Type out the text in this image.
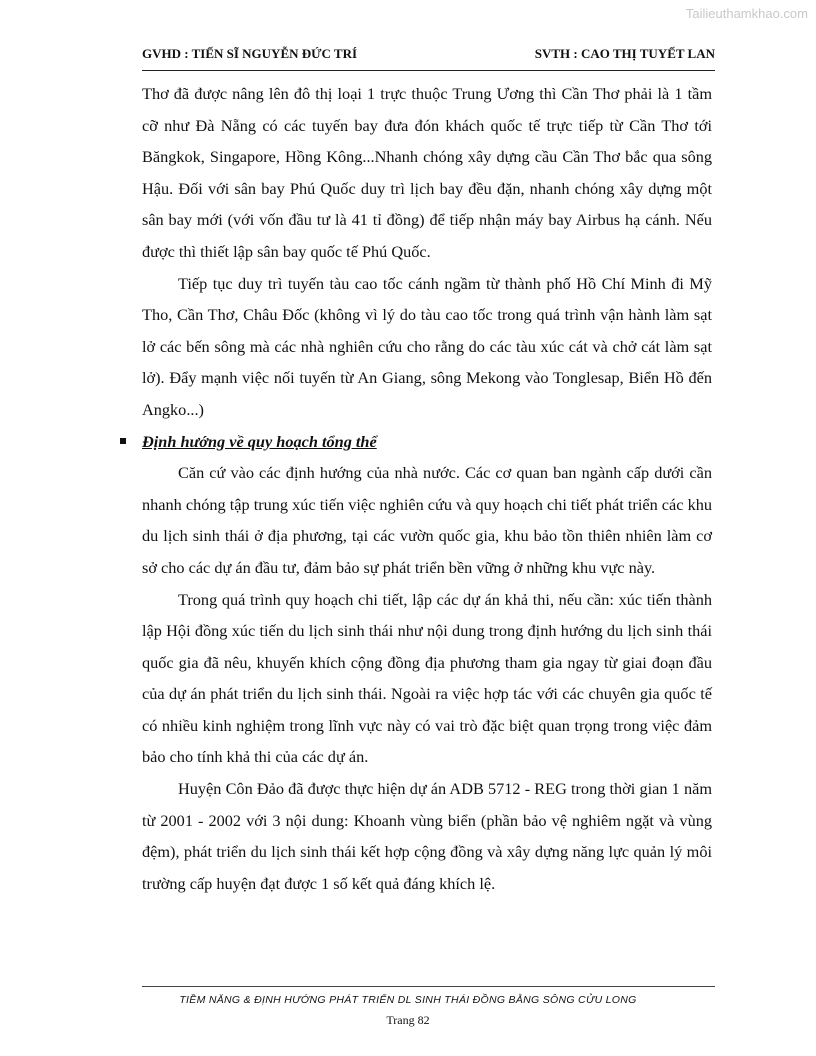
Tailieuthamkhao.com
GVHD : TIẾN SĨ NGUYỄN ĐỨC TRÍ	SVTH : CAO THỊ TUYẾT LAN

Thơ đã được nâng lên đô thị loại 1 trực thuộc Trung Ương thì Cần Thơ phải là 1 tầm cỡ như Đà Nẵng có các tuyến bay đưa đón khách quốc tế trực tiếp từ Cần Thơ tới Băngkok, Singapore, Hồng Kông...Nhanh chóng xây dựng cầu Cần Thơ bắc qua sông Hậu. Đối với sân bay Phú Quốc duy trì lịch bay đều đặn, nhanh chóng xây dựng một sân bay mới (với vốn đầu tư là 41 tỉ đồng) để tiếp nhận máy bay Airbus hạ cánh. Nếu được thì thiết lập sân bay quốc tế Phú Quốc.

Tiếp tục duy trì tuyến tàu cao tốc cánh ngầm từ thành phố Hồ Chí Minh đi Mỹ Tho, Cần Thơ, Châu Đốc (không vì lý do tàu cao tốc trong quá trình vận hành làm sạt lở các bến sông mà các nhà nghiên cứu cho rằng do các tàu xúc cát và chở cát làm sạt lở). Đẩy mạnh việc nối tuyến từ An Giang, sông Mekong vào Tonglesap, Biển Hồ đến Angko...)

Định hướng về quy hoạch tổng thể

Căn cứ vào các định hướng của nhà nước. Các cơ quan ban ngành cấp dưới cần nhanh chóng tập trung xúc tiến việc nghiên cứu và quy hoạch chi tiết phát triển các khu du lịch sinh thái ở địa phương, tại các vườn quốc gia, khu bảo tồn thiên nhiên làm cơ sở cho các dự án đầu tư, đảm bảo sự phát triển bền vững ở những khu vực này.

Trong quá trình quy hoạch chi tiết, lập các dự án khả thi, nếu cần: xúc tiến thành lập Hội đồng xúc tiến du lịch sinh thái như nội dung trong định hướng du lịch sinh thái quốc gia đã nêu, khuyến khích cộng đồng địa phương tham gia ngay từ giai đoạn đầu của dự án phát triển du lịch sinh thái. Ngoài ra việc hợp tác với các chuyên gia quốc tế có nhiều kinh nghiệm trong lĩnh vực này có vai trò đặc biệt quan trọng trong việc đảm bảo cho tính khả thi của các dự án.

Huyện Côn Đảo đã được thực hiện dự án ADB 5712 - REG trong thời gian 1 năm từ 2001 - 2002 với 3 nội dung: Khoanh vùng biển (phần bảo vệ nghiêm ngặt và vùng đệm), phát triển du lịch sinh thái kết hợp cộng đồng và xây dựng năng lực quản lý môi trường cấp huyện đạt được 1 số kết quả đáng khích lệ.

TIỀM NĂNG & ĐỊNH HƯỚNG PHÁT TRIỂN DL SINH THÁI ĐỒNG BẰNG SÔNG CỬU LONG
Trang 82
